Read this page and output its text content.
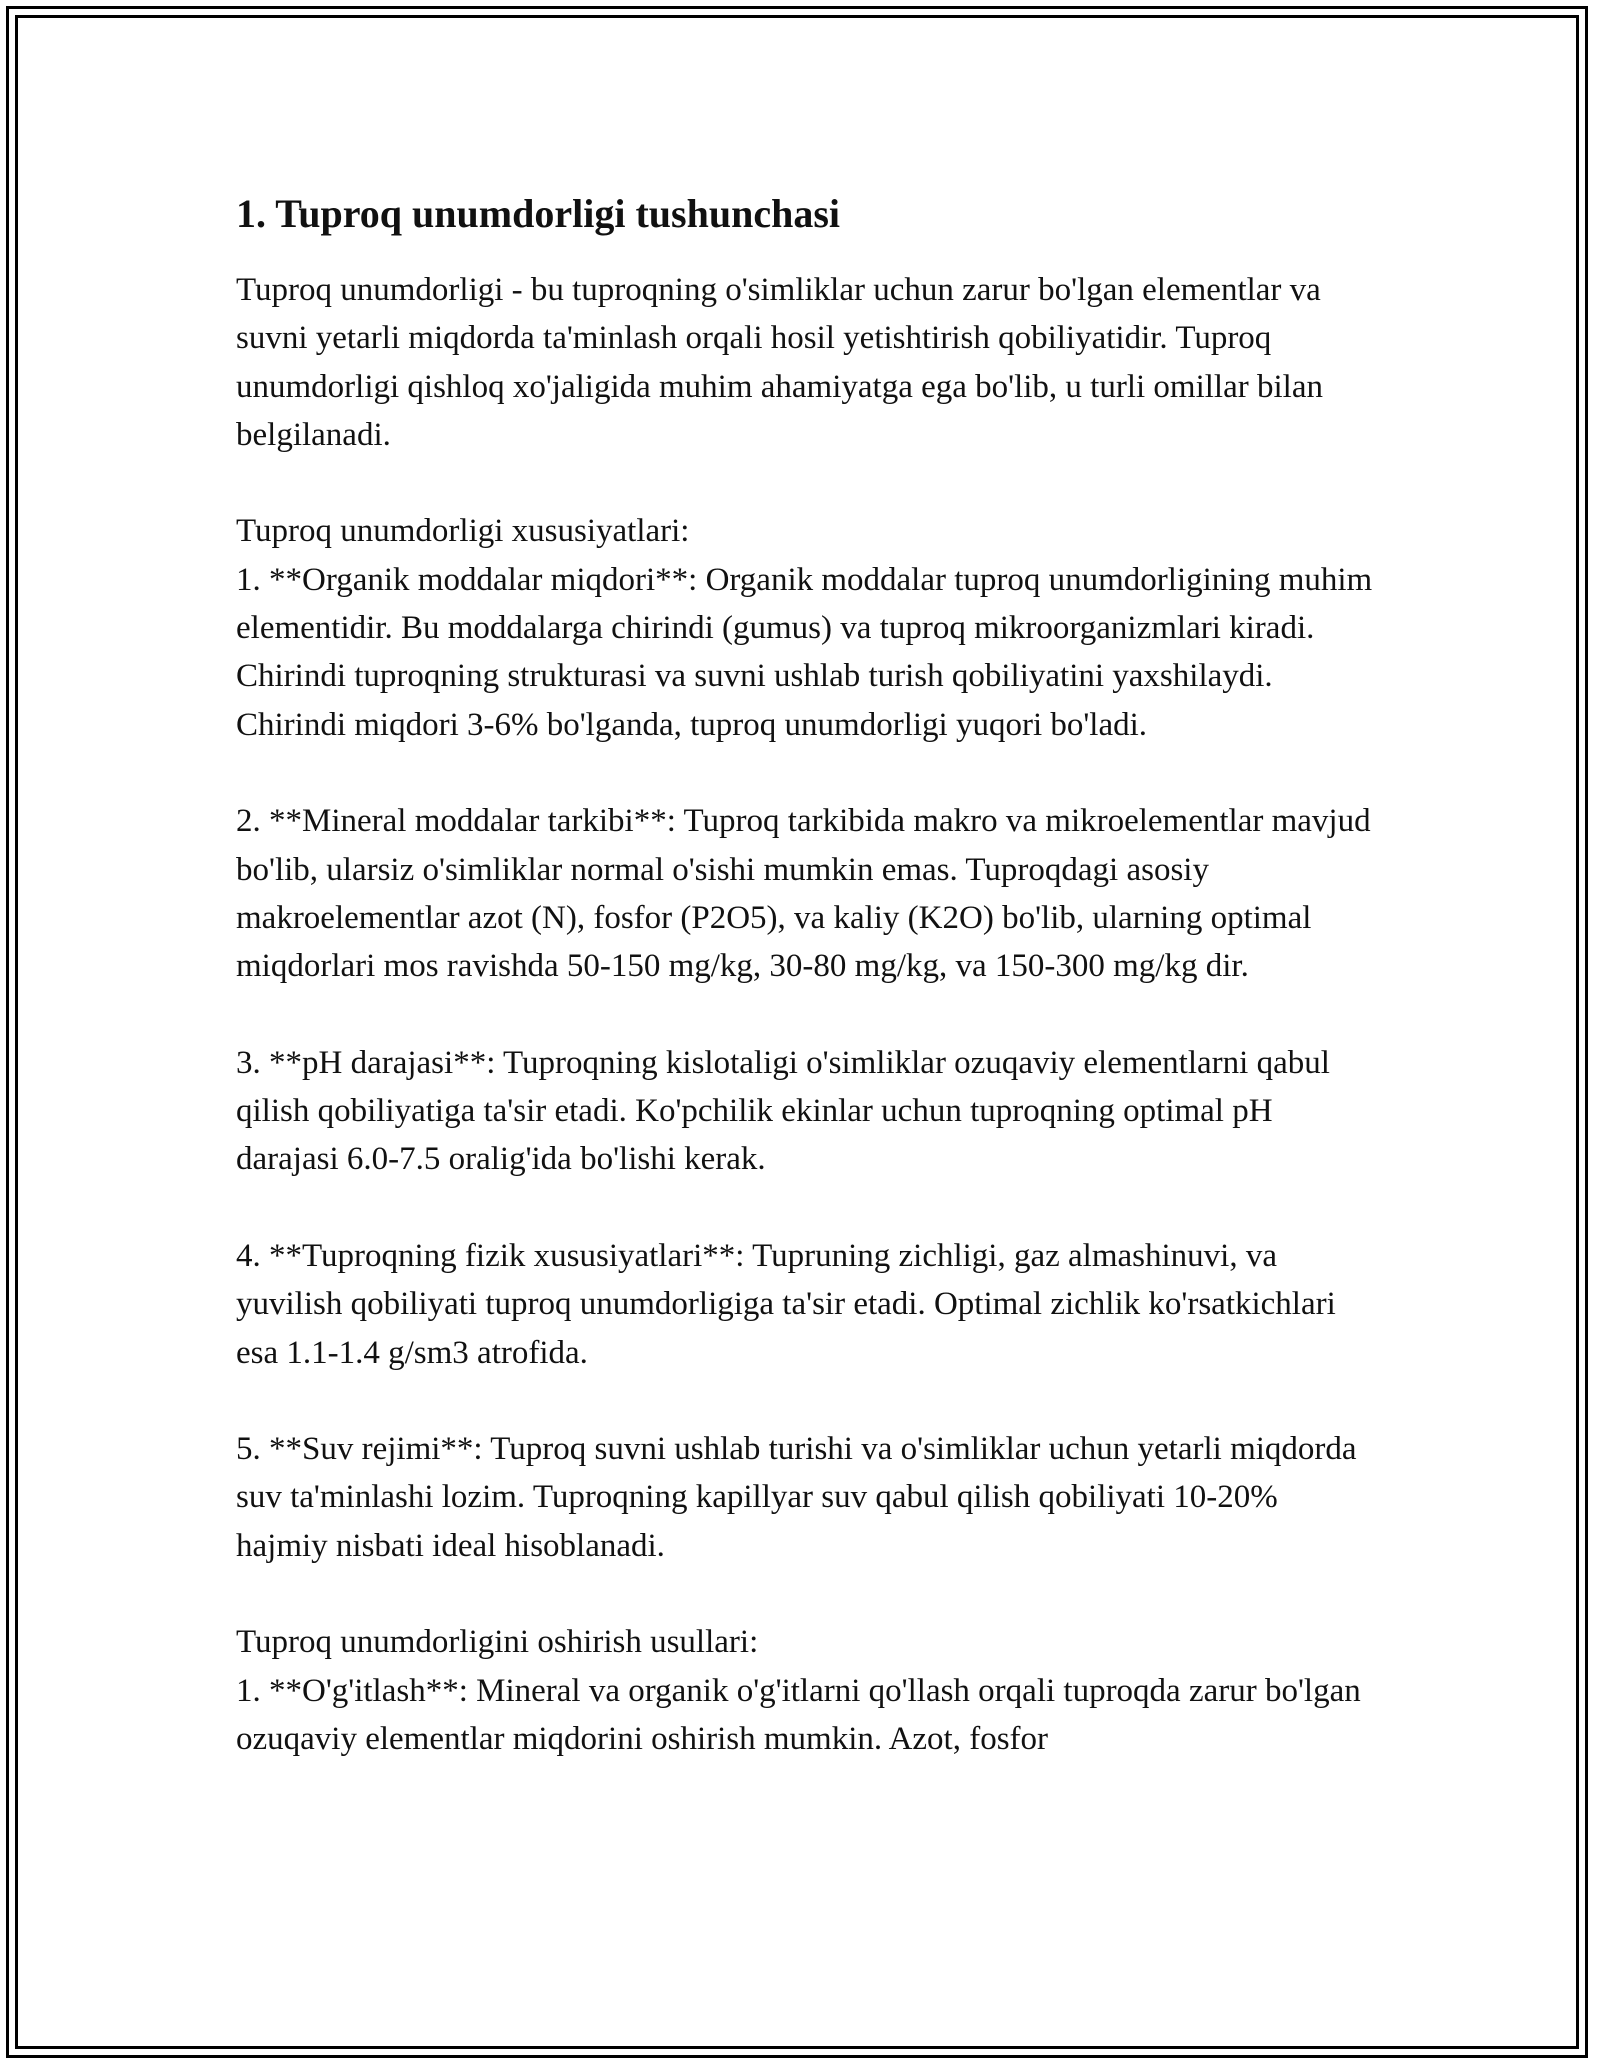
1. Tuproq unumdorligi tushunchasi

Tuproq unumdorligi - bu tuproqning o'simliklar uchun zarur bo'lgan elementlar va suvni yetarli miqdorda ta'minlash orqali hosil yetishtirish qobiliyatidir. Tuproq unumdorligi qishloq xo'jaligida muhim ahamiyatga ega bo'lib, u turli omillar bilan belgilanadi.

Tuproq unumdorligi xususiyatlari:

1. **Organik moddalar miqdori**: Organik moddalar tuproq unumdorligining muhim elementidir. Bu moddalarga chirindi (gumus) va tuproq mikroorganizmlari kiradi. Chirindi tuproqning strukturasi va suvni ushlab turish qobiliyatini yaxshilaydi. Chirindi miqdori 3-6% bo'lganda, tuproq unumdorligi yuqori bo'ladi.

2. **Mineral moddalar tarkibi**: Tuproq tarkibida makro va mikroelementlar mavjud bo'lib, ularsiz o'simliklar normal o'sishi mumkin emas. Tuproqdagi asosiy makroelementlar azot (N), fosfor (P2O5), va kaliy (K2O) bo'lib, ularning optimal miqdorlari mos ravishda 50-150 mg/kg, 30-80 mg/kg, va 150-300 mg/kg dir.

3. **pH darajasi**: Tuproqning kislotaligi o'simliklar ozuqaviy elementlarni qabul qilish qobiliyatiga ta'sir etadi. Ko'pchilik ekinlar uchun tuproqning optimal pH darajasi 6.0-7.5 oralig'ida bo'lishi kerak.

4. **Tuproqning fizik xususiyatlari**: Tupruning zichligi, gaz almashinuvi, va yuvilish qobiliyati tuproq unumdorligiga ta'sir etadi. Optimal zichlik ko'rsatkichlari esa 1.1-1.4 g/sm3 atrofida.

5. **Suv rejimi**: Tuproq suvni ushlab turishi va o'simliklar uchun yetarli miqdorda suv ta'minlashi lozim. Tuproqning kapillyar suv qabul qilish qobiliyati 10-20% hajmiy nisbati ideal hisoblanadi.

Tuproq unumdorligini oshirish usullari:

1. **O'g'itlash**: Mineral va organik o'g'itlarni qo'llash orqali tuproqda zarur bo'lgan ozuqaviy elementlar miqdorini oshirish mumkin. Azot, fosfor
